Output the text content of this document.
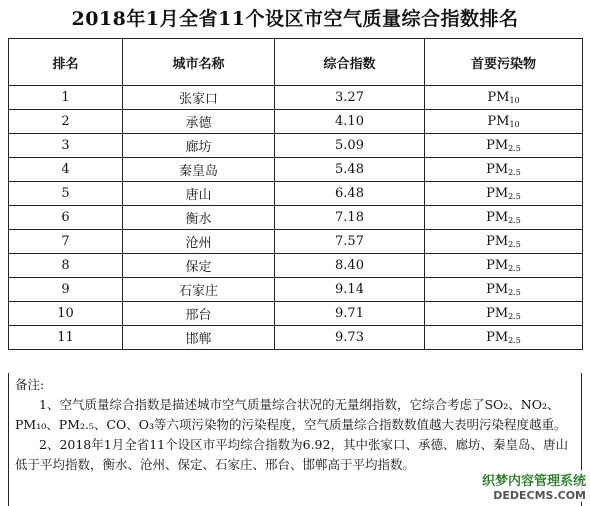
2018年1月全省11个设区市空气质量综合指数排名
排名	城市名称	综合指数	首要污染物
1	张家口	3.27	$PM_{10}$
2	承德	4.10	$PM_{10}$
3	廊坊	5.09	$PM_{2.5}$
4	秦皇岛	5.48	$PM_{2.5}$
5	唐山	6.48	$PM_{2.5}$
6	衡水	7.18	$PM_{2.5}$
7	沧州	7.57	$PM_{2.5}$
8	保定	8.40	$PM_{2.5}$
9	石家庄	9.14	$PM_{2.5}$
10	邢台	9.71	$PM_{2.5}$
11	邯郸	9.73	$PM_{2.5}$

备注:

1、空气质量综合指数是描述城市空气质量综合状况的无量纲指数，它综合考虑了SO₂、NO₂、PM₁₀、PM₂.₅、CO、O₃等六项污染物的污染程度，空气质量综合指数数值越大表明污染程度越重。

2、2018年1月全省11个设区市平均综合指数为6.92，其中张家口、承德、廊坊、秦皇岛、唐山低于平均指数，衡水、沧州、保定、石家庄、邢台、邯郸高于平均指数。

织梦内容管理系统
DEDECMS.COM
